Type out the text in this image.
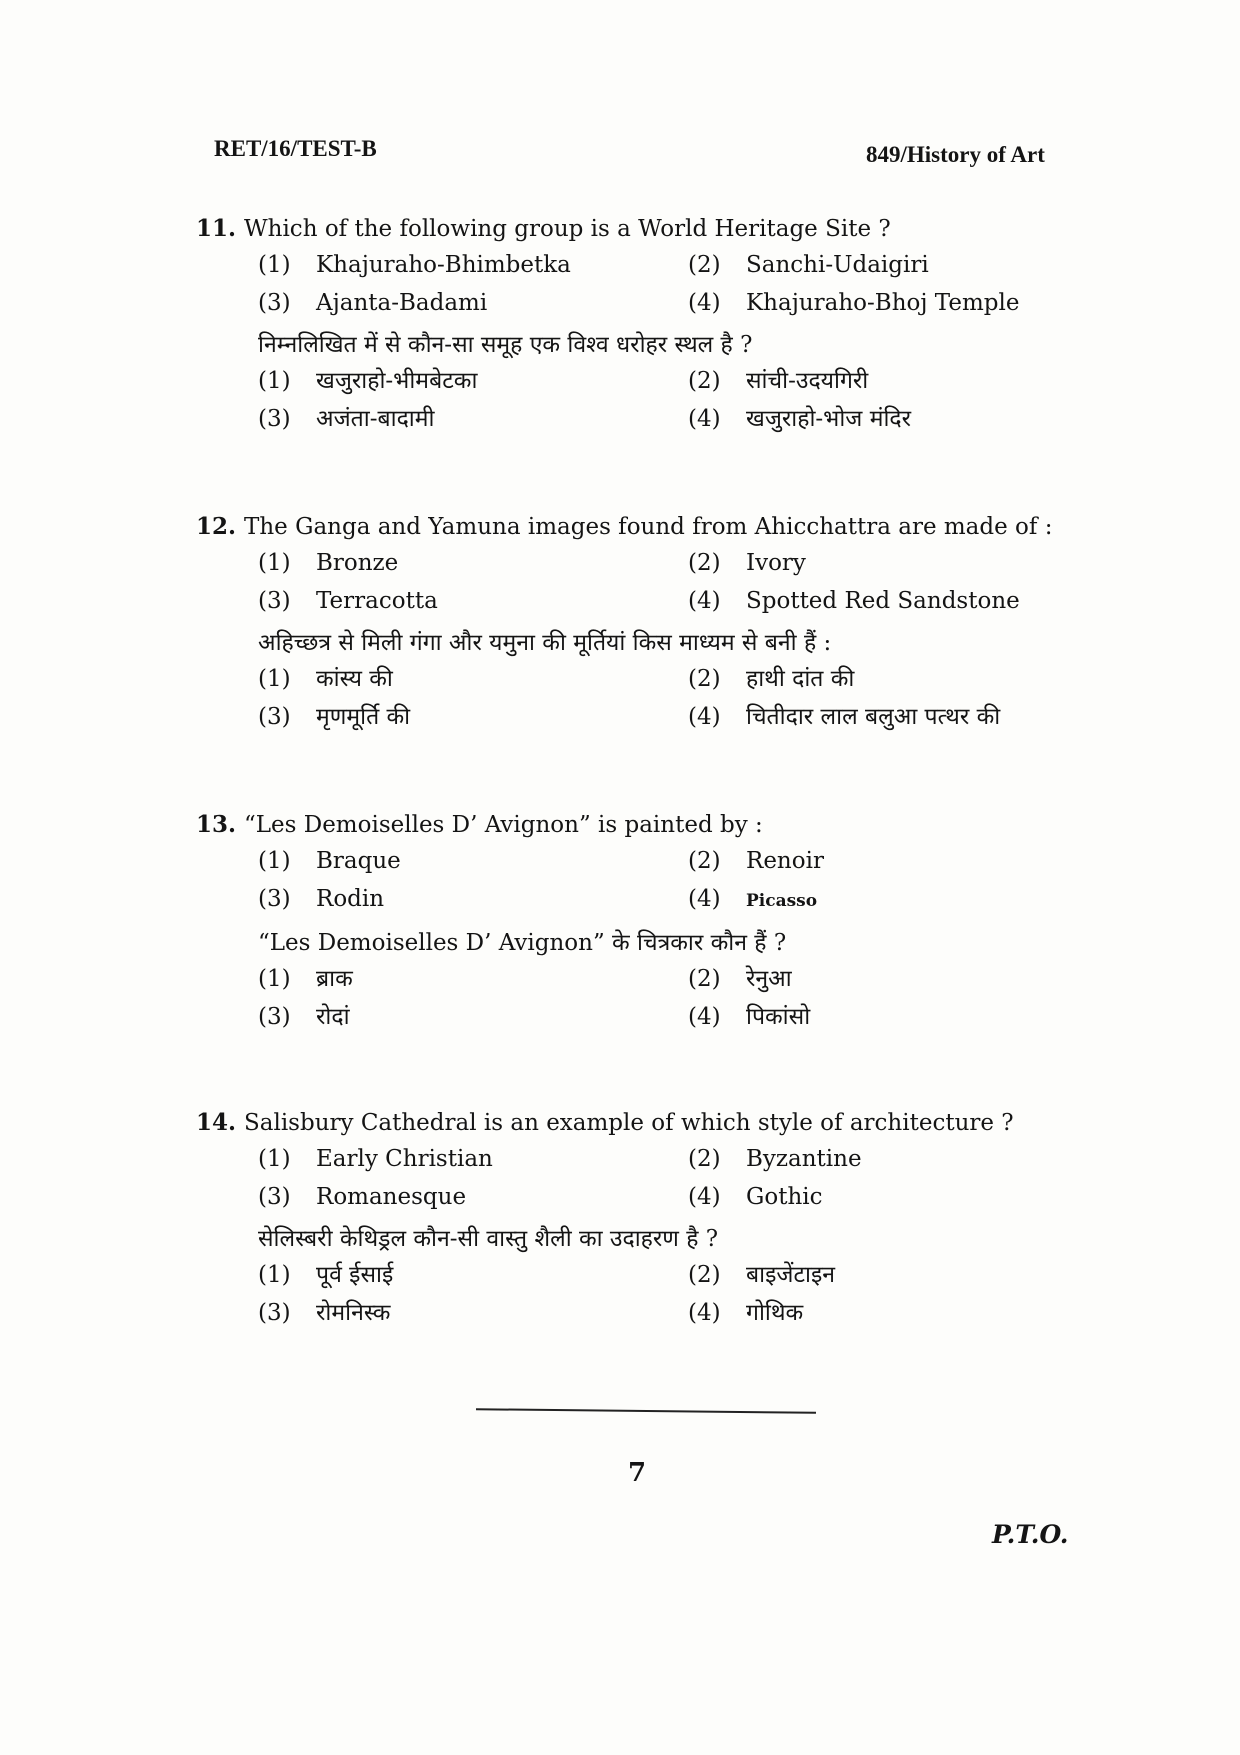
RET/16/TEST-B	849/History of Art
11. Which of the following group is a World Heritage Site ?
(1) Khajuraho-Bhimbetka	(2) Sanchi-Udaigiri
(3) Ajanta-Badami	(4) Khajuraho-Bhoj Temple
निम्नलिखित में से कौन-सा समूह एक विश्व धरोहर स्थल है ?
(1) खजुराहो-भीमबेटका	(2) सांची-उदयगिरी
(3) अजंता-बादामी	(4) खजुराहो-भोज मंदिर
12. The Ganga and Yamuna images found from Ahicchattra are made of :
(1) Bronze	(2) Ivory
(3) Terracotta	(4) Spotted Red Sandstone
अहिच्छत्र से मिली गंगा और यमुना की मूर्तियां किस माध्यम से बनी हैं :
(1) कांस्य की	(2) हाथी दांत की
(3) मृणमूर्ति की	(4) चितीदार लाल बलुआ पत्थर की
13. “Les Demoiselles D’ Avignon” is painted by :
(1) Braque	(2) Renoir
(3) Rodin	(4) Picasso
“Les Demoiselles D’ Avignon” के चित्रकार कौन हैं ?
(1) ब्राक	(2) रेनुआ
(3) रोदां	(4) पिकांसो
14. Salisbury Cathedral is an example of which style of architecture ?
(1) Early Christian	(2) Byzantine
(3) Romanesque	(4) Gothic
सेलिस्बरी केथिड्रल कौन-सी वास्तु शैली का उदाहरण है ?
(1) पूर्व ईसाई	(2) बाइजेंटाइन
(3) रोमनिस्क	(4) गोथिक
7
P.T.O.
